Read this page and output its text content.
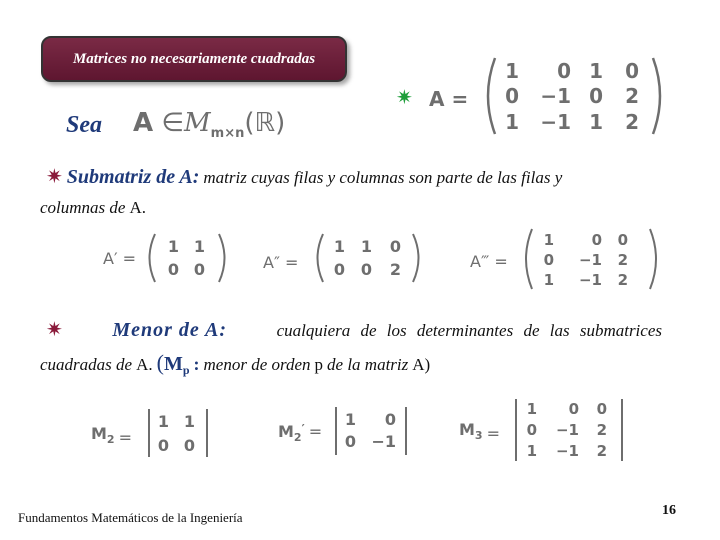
Matrices no necesariamente cuadradas
Sea A $\in M_{m\times n}(ℝ)$
✷ A =
1 0 1 0
0 −1 0 2
1 −1 1 2
✷ Submatriz de A: matriz cuyas filas y columnas son parte de las filas y
columnas de A.
A′ =
1 1
0 0	A″ =
1 1 0
0 0 2	A‴ =
1	0 0
0 −1 2
1 −1 2
✷ Menor de A:	cualquiera de los determinantes de las submatrices
cuadradas de A. ($M_p$ : menor de orden p de la matriz A)
$M_2$ =
1 1
0 0
$M_2'$ =
1 0
0 −1
$M_3$ =
1 0 0
0 −1 2
1 −1 2
Fundamentos Matemáticos de la Ingeniería	16
